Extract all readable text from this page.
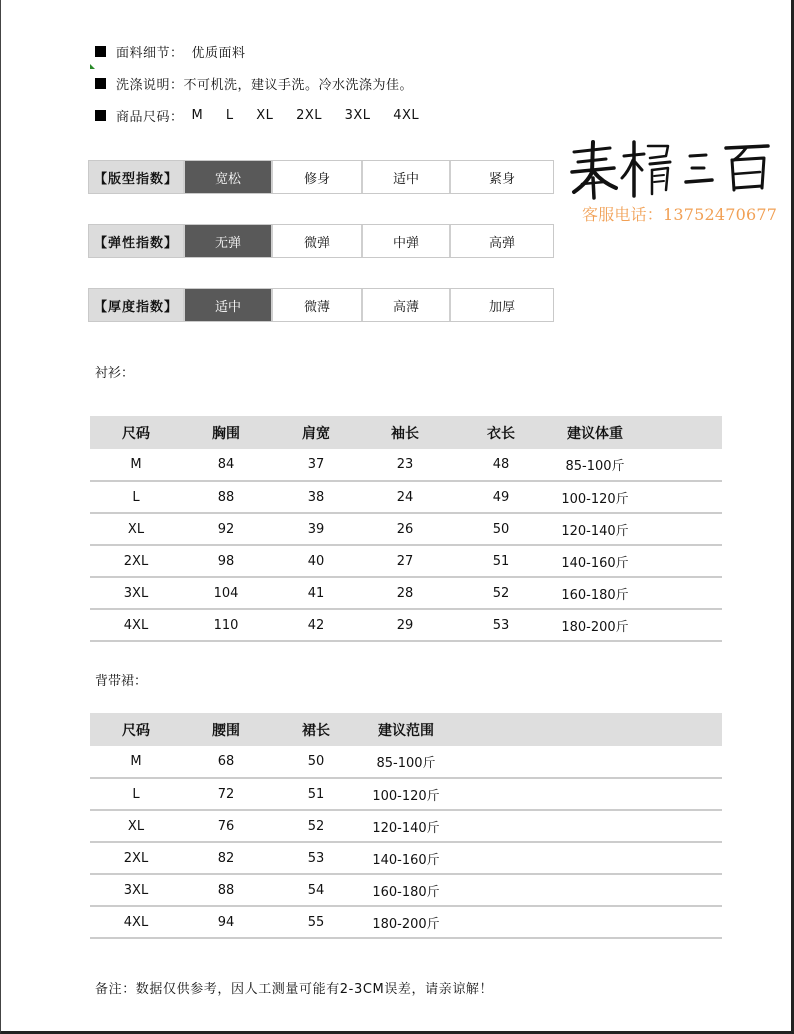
面料细节： 优质面料
洗涤说明： 不可机洗，建议手洗。冷水洗涤为佳。
商品尺码： M L XL 2XL 3XL 4XL
【版型指数】	宽松	修身	适中	紧身
【弹性指数】	无弹	微弹	中弹	高弹
【厚度指数】	适中	微薄	高薄	加厚
客服电话：13752470677
衬衫：
尺码	胸围	肩宽	袖长	衣长	建议体重	
M	84	37	23	48	85-100斤	
L	88	38	24	49	100-120斤	
XL	92	39	26	50	120-140斤	
2XL	98	40	27	51	140-160斤	
3XL	104	41	28	52	160-180斤	
4XL	110	42	29	53	180-200斤	
背带裙：
尺码	腰围	裙长	建议范围	
M	68	50	85-100斤	
L	72	51	100-120斤	
XL	76	52	120-140斤	
2XL	82	53	140-160斤	
3XL	88	54	160-180斤	
4XL	94	55	180-200斤	
备注：数据仅供参考，因人工测量可能有2-3CM误差，请亲谅解！
